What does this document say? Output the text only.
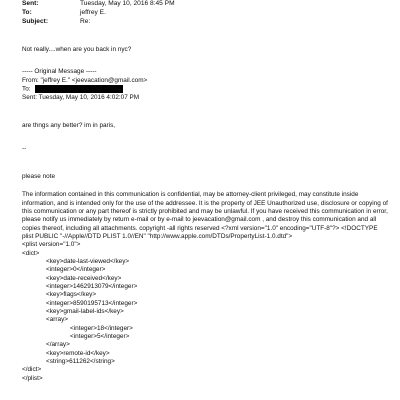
Sent:	Tuesday, May 10, 2016 8:45 PM
To:	jeffrey E.
Subject:	Re:
Not really....when are you back in nyc?
----- Original Message -----
From: "jeffrey E." <jeevacation@gmail.com>
To:
Sent: Tuesday, May 10, 2016 4:02:07 PM
are thngs any better? im in paris,
--
please note
The information contained in this communication is confidential, may be attorney-client privileged, may constitute inside information, and is intended only for the use of the addressee. It is the property of JEE Unauthorized use, disclosure or copying of this communication or any part thereof is strictly prohibited and may be unlawful. If you have received this communication in error, please notify us immediately by return e-mail or by e-mail to jeevacation@gmail.com , and destroy this communication and all copies thereof, including all attachments. copyright -all rights reserved <?xml version="1.0" encoding="UTF-8"?> <!DOCTYPE plist PUBLIC "-//Apple//DTD PLIST 1.0//EN" "http://www.apple.com/DTDs/PropertyList-1.0.dtd">
<plist version="1.0">
<dict>
<key>date-last-viewed</key>
<integer>0</integer>
<key>date-received</key>
<integer>1462913079</integer>
<key>flags</key>
<integer>8590195713</integer>
<key>gmail-label-ids</key>
<array>
<integer>18</integer>
<integer>5</integer>
</array>
<key>remote-id</key>
<string>611262</string>
</dict>
</plist>
